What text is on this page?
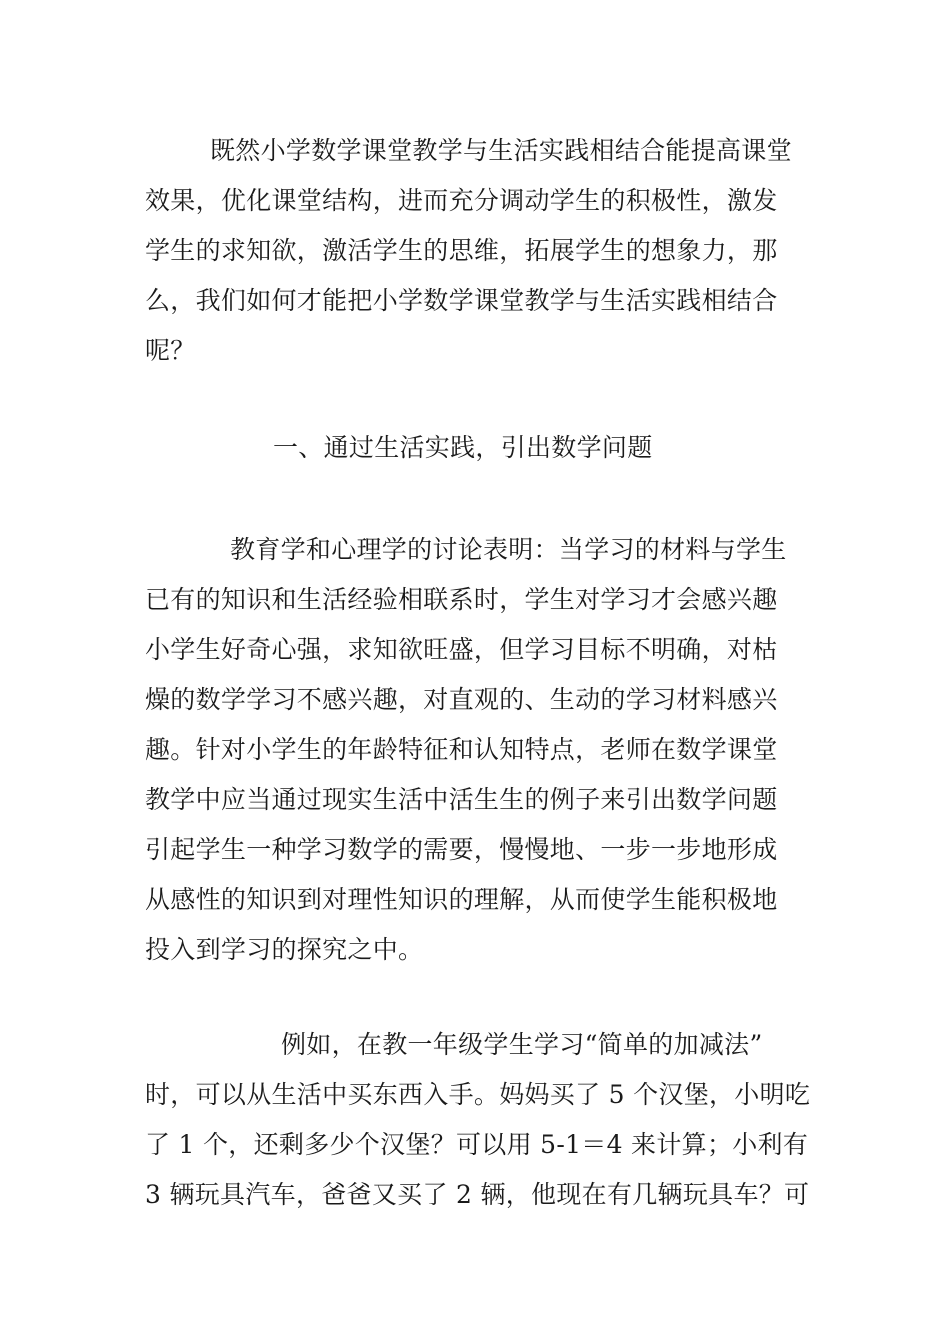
既然小学数学课堂教学与生活实践相结合能提高课堂
效果，优化课堂结构，进而充分调动学生的积极性，激发
学生的求知欲，激活学生的思维，拓展学生的想象力，那
么，我们如何才能把小学数学课堂教学与生活实践相结合
呢？
一、通过生活实践，引出数学问题
教育学和心理学的讨论表明：当学习的材料与学生
已有的知识和生活经验相联系时，学生对学习才会感兴趣
小学生好奇心强，求知欲旺盛，但学习目标不明确，对枯
燥的数学学习不感兴趣，对直观的、生动的学习材料感兴
趣。针对小学生的年龄特征和认知特点，老师在数学课堂
教学中应当通过现实生活中活生生的例子来引出数学问题
引起学生一种学习数学的需要，慢慢地、一步一步地形成
从感性的知识到对理性知识的理解，从而使学生能积极地
投入到学习的探究之中。
例如，在教一年级学生学习“简单的加减法”
时，可以从生活中买东西入手。妈妈买了 5 个汉堡，小明吃
了 1 个，还剩多少个汉堡？可以用 5-1＝4 来计算；小利有
3 辆玩具汽车，爸爸又买了 2 辆，他现在有几辆玩具车？可
